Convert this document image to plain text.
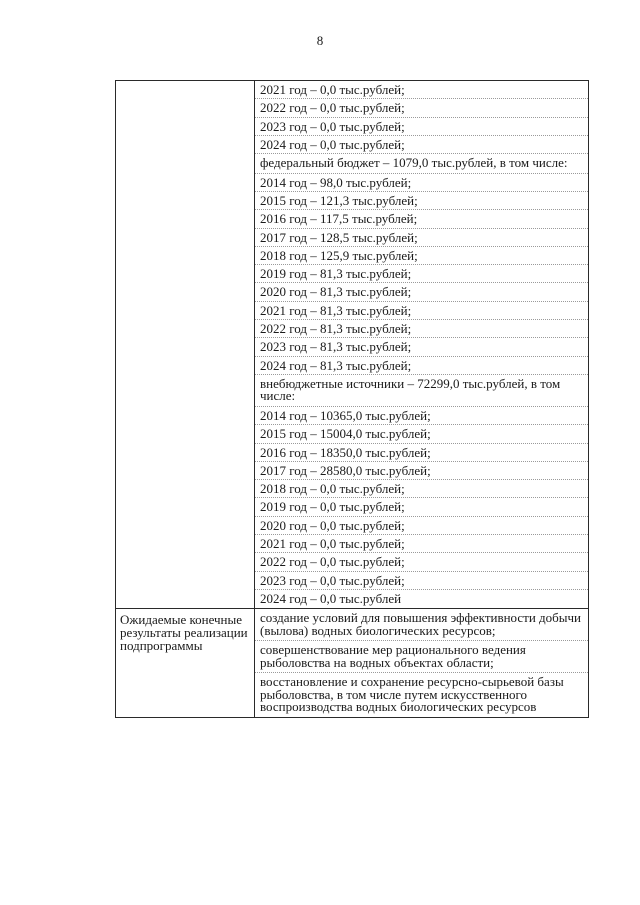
8
2021 год – 0,0 тыс.рублей;
2022 год – 0,0 тыс.рублей;
2023 год – 0,0 тыс.рублей;
2024 год – 0,0 тыс.рублей;
федеральный бюджет – 1079,0 тыс.рублей, в том числе:
2014 год – 98,0 тыс.рублей;
2015 год – 121,3 тыс.рублей;
2016 год – 117,5 тыс.рублей;
2017 год – 128,5 тыс.рублей;
2018 год – 125,9 тыс.рублей;
2019 год – 81,3 тыс.рублей;
2020 год – 81,3 тыс.рублей;
2021 год – 81,3 тыс.рублей;
2022 год – 81,3 тыс.рублей;
2023 год – 81,3 тыс.рублей;
2024 год – 81,3 тыс.рублей;
внебюджетные источники – 72299,0 тыс.рублей, в том числе:
2014 год – 10365,0 тыс.рублей;
2015 год – 15004,0 тыс.рублей;
2016 год – 18350,0 тыс.рублей;
2017 год – 28580,0 тыс.рублей;
2018 год – 0,0 тыс.рублей;
2019 год – 0,0 тыс.рублей;
2020 год – 0,0 тыс.рублей;
2021 год – 0,0 тыс.рублей;
2022 год – 0,0 тыс.рублей;
2023 год – 0,0 тыс.рублей;
2024 год – 0,0 тыс.рублей
Ожидаемые конечные результаты реализации подпрограммы
создание условий для повышения эффективности добычи (вылова) водных биологических ресурсов;
совершенствование мер рационального ведения рыболовства на водных объектах области;
восстановление и сохранение ресурсно-сырьевой базы рыболовства, в том числе путем искусственного воспроизводства водных биологических ресурсов
